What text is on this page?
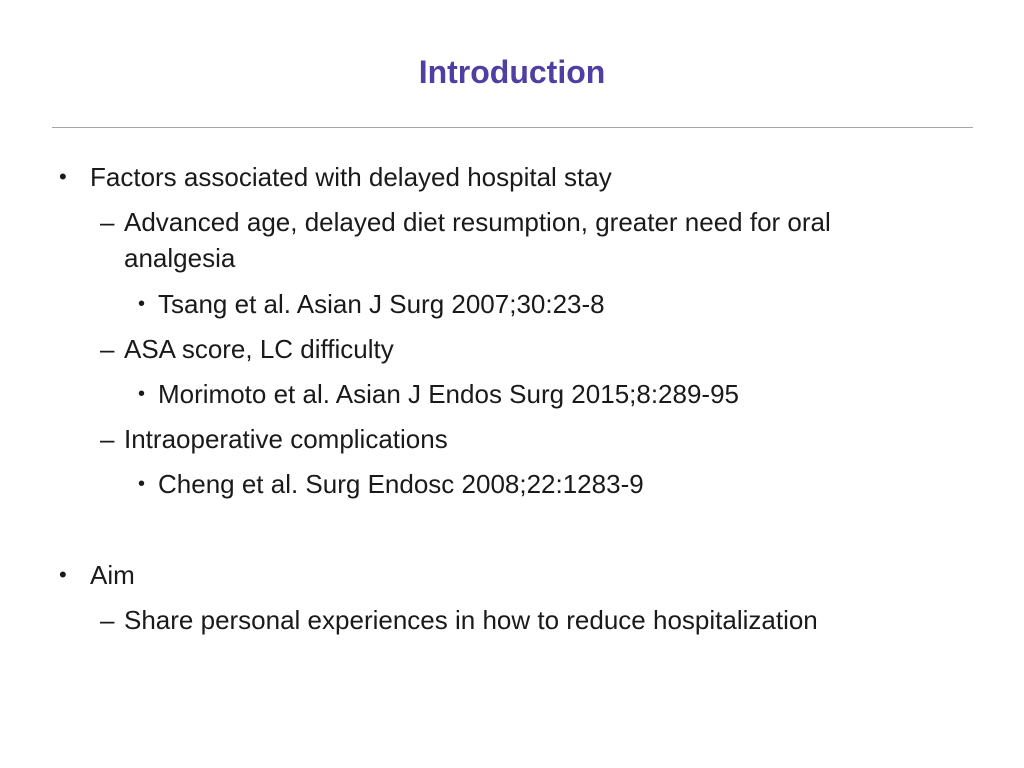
Introduction
• Factors associated with delayed hospital stay
– Advanced age, delayed diet resumption, greater need for oral analgesia
• Tsang et al. Asian J Surg 2007;30:23-8
– ASA score, LC difficulty
• Morimoto et al. Asian J Endos Surg 2015;8:289-95
– Intraoperative complications
• Cheng et al. Surg Endosc 2008;22:1283-9
• Aim
– Share personal experiences in how to reduce hospitalization
